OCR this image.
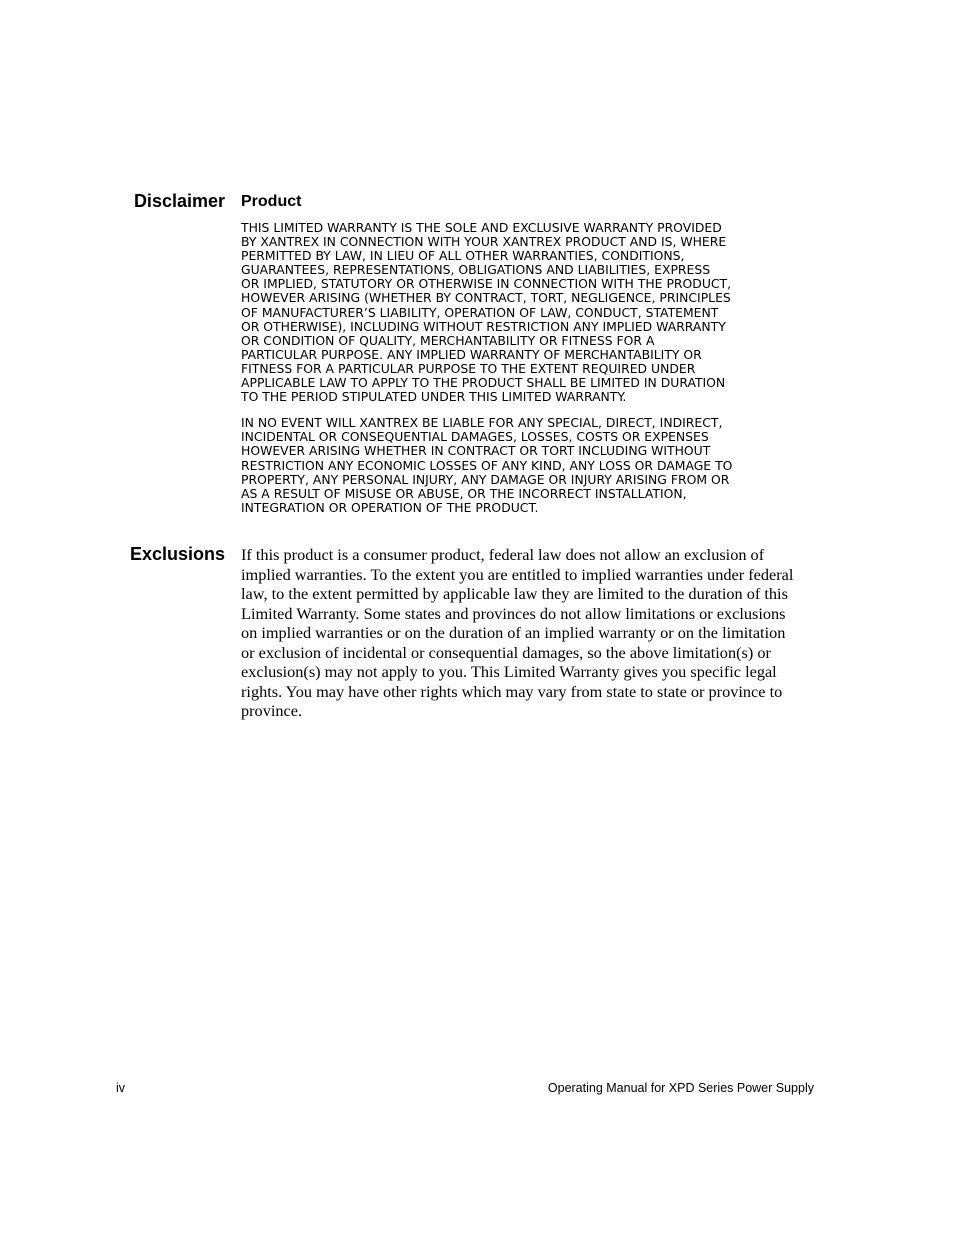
Disclaimer Product
THIS LIMITED WARRANTY IS THE SOLE AND EXCLUSIVE WARRANTY PROVIDED
BY XANTREX IN CONNECTION WITH YOUR XANTREX PRODUCT AND IS, WHERE
PERMITTED BY LAW, IN LIEU OF ALL OTHER WARRANTIES, CONDITIONS,
GUARANTEES, REPRESENTATIONS, OBLIGATIONS AND LIABILITIES, EXPRESS
OR IMPLIED, STATUTORY OR OTHERWISE IN CONNECTION WITH THE PRODUCT,
HOWEVER ARISING (WHETHER BY CONTRACT, TORT, NEGLIGENCE, PRINCIPLES
OF MANUFACTURER’S LIABILITY, OPERATION OF LAW, CONDUCT, STATEMENT
OR OTHERWISE), INCLUDING WITHOUT RESTRICTION ANY IMPLIED WARRANTY
OR CONDITION OF QUALITY, MERCHANTABILITY OR FITNESS FOR A
PARTICULAR PURPOSE. ANY IMPLIED WARRANTY OF MERCHANTABILITY OR
FITNESS FOR A PARTICULAR PURPOSE TO THE EXTENT REQUIRED UNDER
APPLICABLE LAW TO APPLY TO THE PRODUCT SHALL BE LIMITED IN DURATION
TO THE PERIOD STIPULATED UNDER THIS LIMITED WARRANTY.
IN NO EVENT WILL XANTREX BE LIABLE FOR ANY SPECIAL, DIRECT, INDIRECT,
INCIDENTAL OR CONSEQUENTIAL DAMAGES, LOSSES, COSTS OR EXPENSES
HOWEVER ARISING WHETHER IN CONTRACT OR TORT INCLUDING WITHOUT
RESTRICTION ANY ECONOMIC LOSSES OF ANY KIND, ANY LOSS OR DAMAGE TO
PROPERTY, ANY PERSONAL INJURY, ANY DAMAGE OR INJURY ARISING FROM OR
AS A RESULT OF MISUSE OR ABUSE, OR THE INCORRECT INSTALLATION,
INTEGRATION OR OPERATION OF THE PRODUCT.
Exclusions If this product is a consumer product, federal law does not allow an exclusion of
implied warranties. To the extent you are entitled to implied warranties under federal
law, to the extent permitted by applicable law they are limited to the duration of this
Limited Warranty. Some states and provinces do not allow limitations or exclusions
on implied warranties or on the duration of an implied warranty or on the limitation
or exclusion of incidental or consequential damages, so the above limitation(s) or
exclusion(s) may not apply to you. This Limited Warranty gives you specific legal
rights. You may have other rights which may vary from state to state or province to
province.
iv	Operating Manual for XPD Series Power Supply
